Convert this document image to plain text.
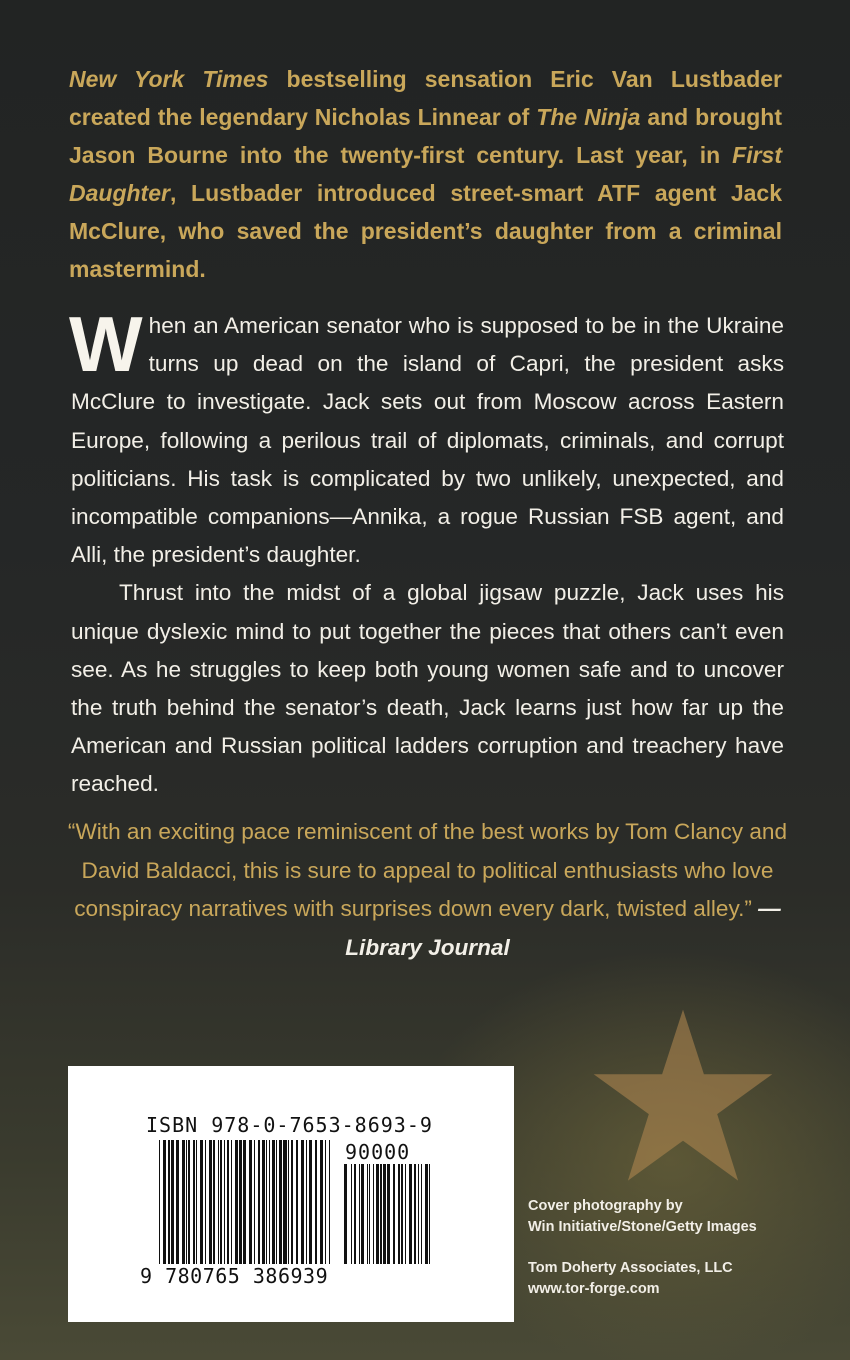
New York Times bestselling sensation Eric Van Lustbader created the legendary Nicholas Linnear of The Ninja and brought Jason Bourne into the twenty-first century. Last year, in First Daughter, Lustbader introduced street-smart ATF agent Jack McClure, who saved the president’s daughter from a criminal mastermind.

When an American senator who is supposed to be in the Ukraine turns up dead on the island of Capri, the president asks McClure to investigate. Jack sets out from Moscow across Eastern Europe, following a perilous trail of diplomats, criminals, and corrupt politicians. His task is complicated by two unlikely, unexpected, and incompatible companions—Annika, a rogue Russian FSB agent, and Alli, the president’s daughter.

Thrust into the midst of a global jigsaw puzzle, Jack uses his unique dyslexic mind to put together the pieces that others can’t even see. As he struggles to keep both young women safe and to uncover the truth behind the senator’s death, Jack learns just how far up the American and Russian political ladders corruption and treachery have reached.

“With an exciting pace reminiscent of the best works by Tom Clancy and David Baldacci, this is sure to appeal to political enthusiasts who love conspiracy narratives with surprises down every dark, twisted alley.” —Library Journal

ISBN 978-0-7653-8693-9
90000
9 780765 386939
Cover photography by
Win Initiative/Stone/Getty Images
Tom Doherty Associates, LLC
www.tor-forge.com
